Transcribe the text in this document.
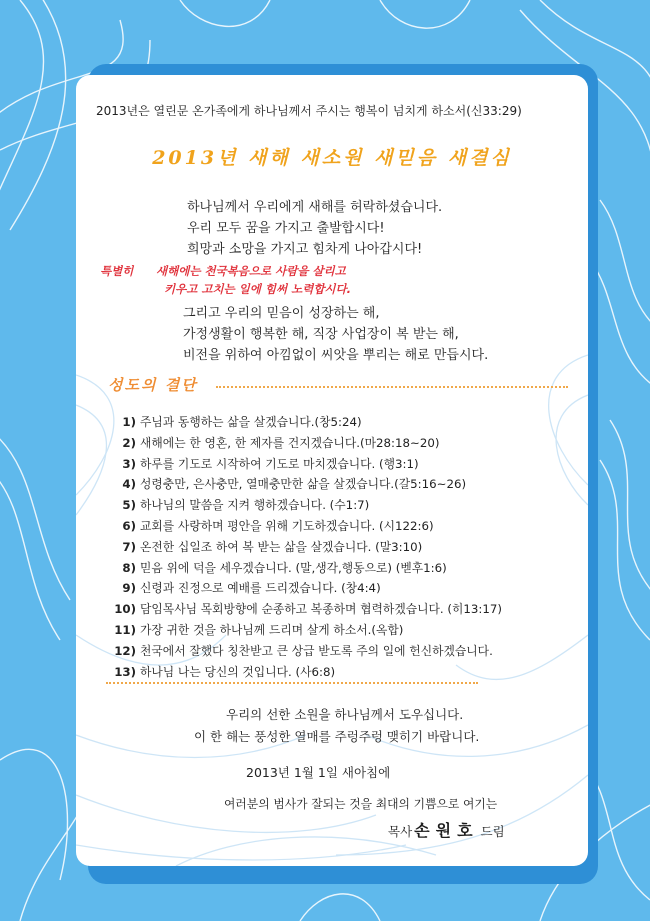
2013년은 열린문 온가족에게 하나님께서 주시는 행복이 넘치게 하소서(신33:29)
2013년 새해 새소원 새믿음 새결심
하나님께서 우리에게 새해를 허락하셨습니다.
우리 모두 꿈을 가지고 출발합시다!
희망과 소망을 가지고 힘차게 나아갑시다!
특별히 새해에는 천국복음으로 사람을 살리고
키우고 고치는 일에 힘써 노력합시다.
그리고 우리의 믿음이 성장하는 해,
가정생활이 행복한 해, 직장 사업장이 복 받는 해,
비전을 위하여 아낌없이 씨앗을 뿌리는 해로 만듭시다.
성도의 결단
1) 주님과 동행하는 삶을 살겠습니다.(창5:24)
2) 새해에는 한 영혼, 한 제자를 건지겠습니다.(마28:18~20)
3) 하루를 기도로 시작하여 기도로 마치겠습니다. (행3:1)
4) 성령충만, 은사충만, 열매충만한 삶을 살겠습니다.(갈5:16~26)
5) 하나님의 말씀을 지켜 행하겠습니다. (수1:7)
6) 교회를 사랑하며 평안을 위해 기도하겠습니다. (시122:6)
7) 온전한 십일조 하여 복 받는 삶을 살겠습니다. (말3:10)
8) 믿음 위에 덕을 세우겠습니다. (말,생각,행동으로) (벧후1:6)
9) 신령과 진정으로 예배를 드리겠습니다. (창4:4)
10) 담임목사님 목회방향에 순종하고 복종하며 협력하겠습니다. (히13:17)
11) 가장 귀한 것을 하나님께 드리며 살게 하소서.(옥합)
12) 천국에서 잘했다 칭찬받고 큰 상급 받도록 주의 일에 헌신하겠습니다.
13) 하나님 나는 당신의 것입니다. (사6:8)
우리의 선한 소원을 하나님께서 도우십니다.
이 한 해는 풍성한 열매를 주렁주렁 맺히기 바랍니다.
2013년 1월 1일 새아침에
여러분의 범사가 잘되는 것을 최대의 기쁨으로 여기는
목사 손원호 드림
